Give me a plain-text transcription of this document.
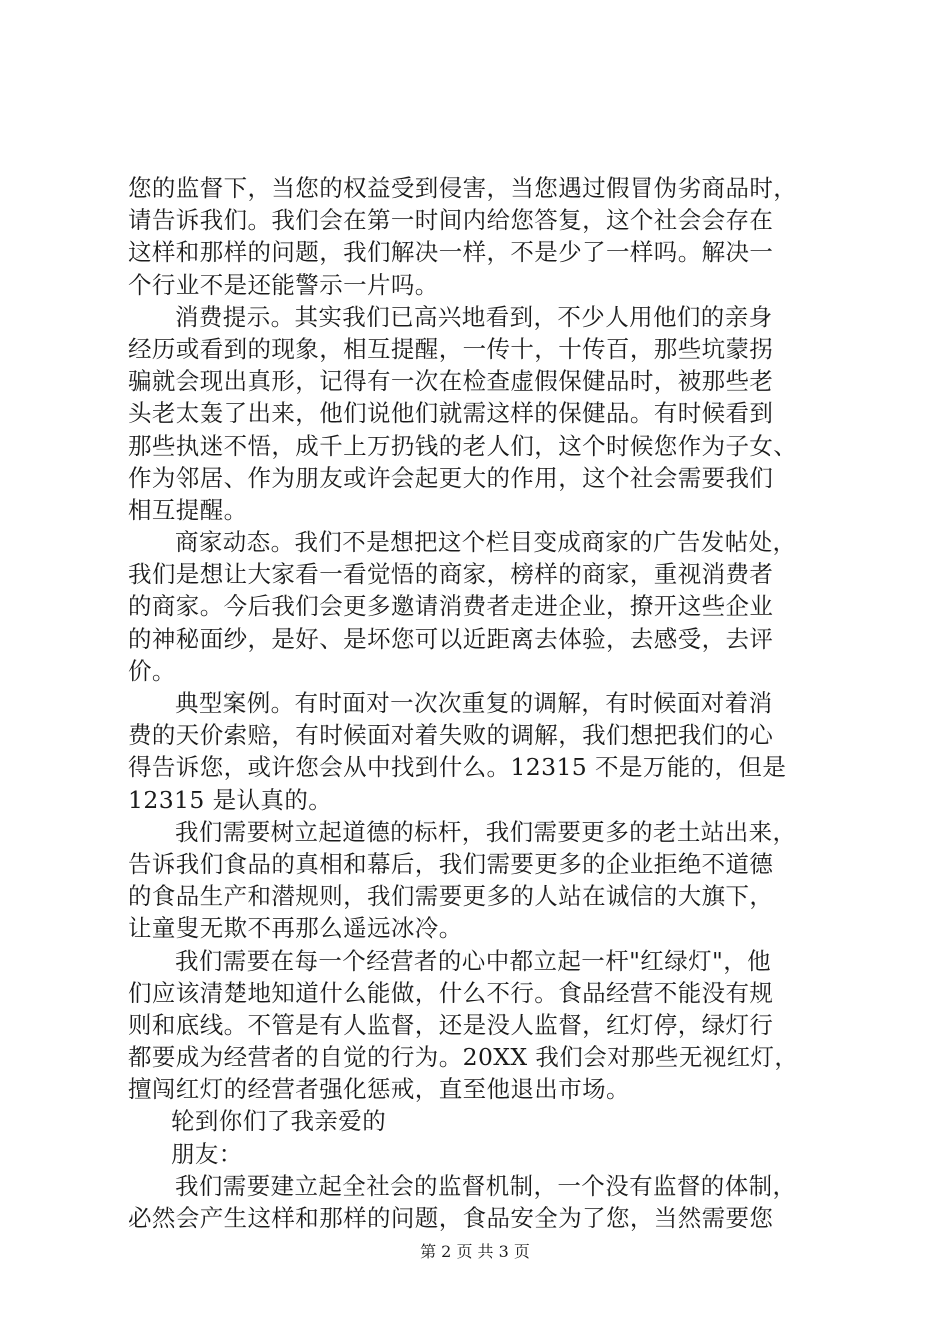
您的监督下，当您的权益受到侵害，当您遇过假冒伪劣商品时，
请告诉我们。我们会在第一时间内给您答复，这个社会会存在
这样和那样的问题，我们解决一样，不是少了一样吗。解决一
个行业不是还能警示一片吗。
消费提示。其实我们已高兴地看到，不少人用他们的亲身
经历或看到的现象，相互提醒，一传十，十传百，那些坑蒙拐
骗就会现出真形，记得有一次在检查虚假保健品时，被那些老
头老太轰了出来，他们说他们就需这样的保健品。有时候看到
那些执迷不悟，成千上万扔钱的老人们，这个时候您作为子女、
作为邻居、作为朋友或许会起更大的作用，这个社会需要我们
相互提醒。
商家动态。我们不是想把这个栏目变成商家的广告发帖处，
我们是想让大家看一看觉悟的商家，榜样的商家，重视消费者
的商家。今后我们会更多邀请消费者走进企业，撩开这些企业
的神秘面纱，是好、是坏您可以近距离去体验，去感受，去评
价。
典型案例。有时面对一次次重复的调解，有时候面对着消
费的天价索赔，有时候面对着失败的调解，我们想把我们的心
得告诉您，或许您会从中找到什么。12315 不是万能的，但是
12315 是认真的。
我们需要树立起道德的标杆，我们需要更多的老土站出来，
告诉我们食品的真相和幕后，我们需要更多的企业拒绝不道德
的食品生产和潜规则，我们需要更多的人站在诚信的大旗下，
让童叟无欺不再那么遥远冰冷。
我们需要在每一个经营者的心中都立起一杆"红绿灯"，他
们应该清楚地知道什么能做，什么不行。食品经营不能没有规
则和底线。不管是有人监督，还是没人监督，红灯停，绿灯行
都要成为经营者的自觉的行为。20XX 我们会对那些无视红灯，
擅闯红灯的经营者强化惩戒，直至他退出市场。
轮到你们了我亲爱的
朋友：
我们需要建立起全社会的监督机制，一个没有监督的体制，
必然会产生这样和那样的问题，食品安全为了您，当然需要您
第 2 页 共 3 页
